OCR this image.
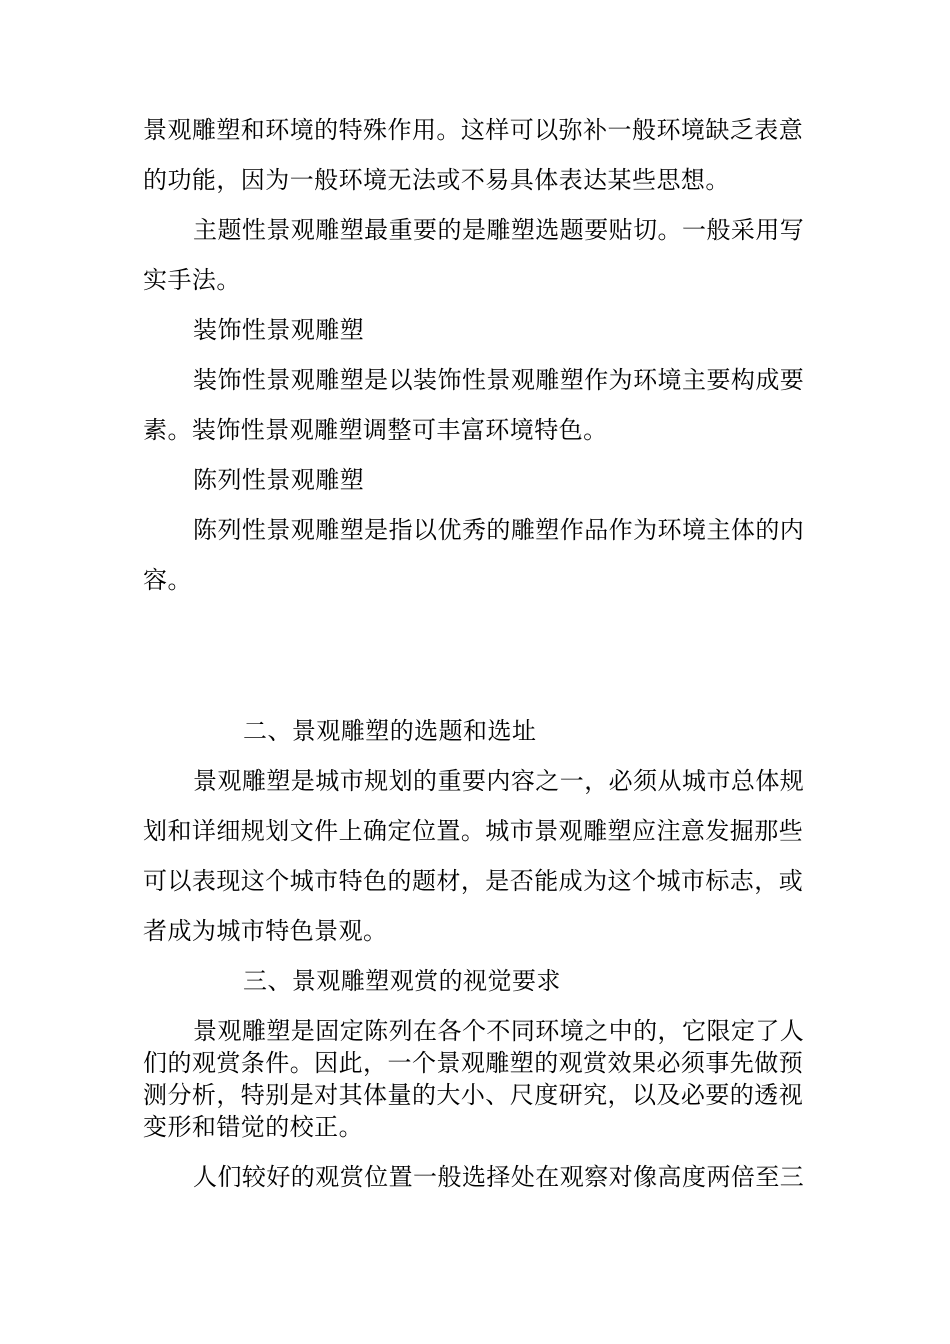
景观雕塑和环境的特殊作用。这样可以弥补一般环境缺乏表意
的功能，因为一般环境无法或不易具体表达某些思想。
主题性景观雕塑最重要的是雕塑选题要贴切。一般采用写
实手法。
装饰性景观雕塑
装饰性景观雕塑是以装饰性景观雕塑作为环境主要构成要
素。装饰性景观雕塑调整可丰富环境特色。
陈列性景观雕塑
陈列性景观雕塑是指以优秀的雕塑作品作为环境主体的内
容。
二、景观雕塑的选题和选址
景观雕塑是城市规划的重要内容之一，必须从城市总体规
划和详细规划文件上确定位置。城市景观雕塑应注意发掘那些
可以表现这个城市特色的题材，是否能成为这个城市标志，或
者成为城市特色景观。
三、景观雕塑观赏的视觉要求
景观雕塑是固定陈列在各个不同环境之中的，它限定了人
们的观赏条件。因此，一个景观雕塑的观赏效果必须事先做预
测分析，特别是对其体量的大小、尺度研究，以及必要的透视
变形和错觉的校正。
人们较好的观赏位置一般选择处在观察对像高度两倍至三
